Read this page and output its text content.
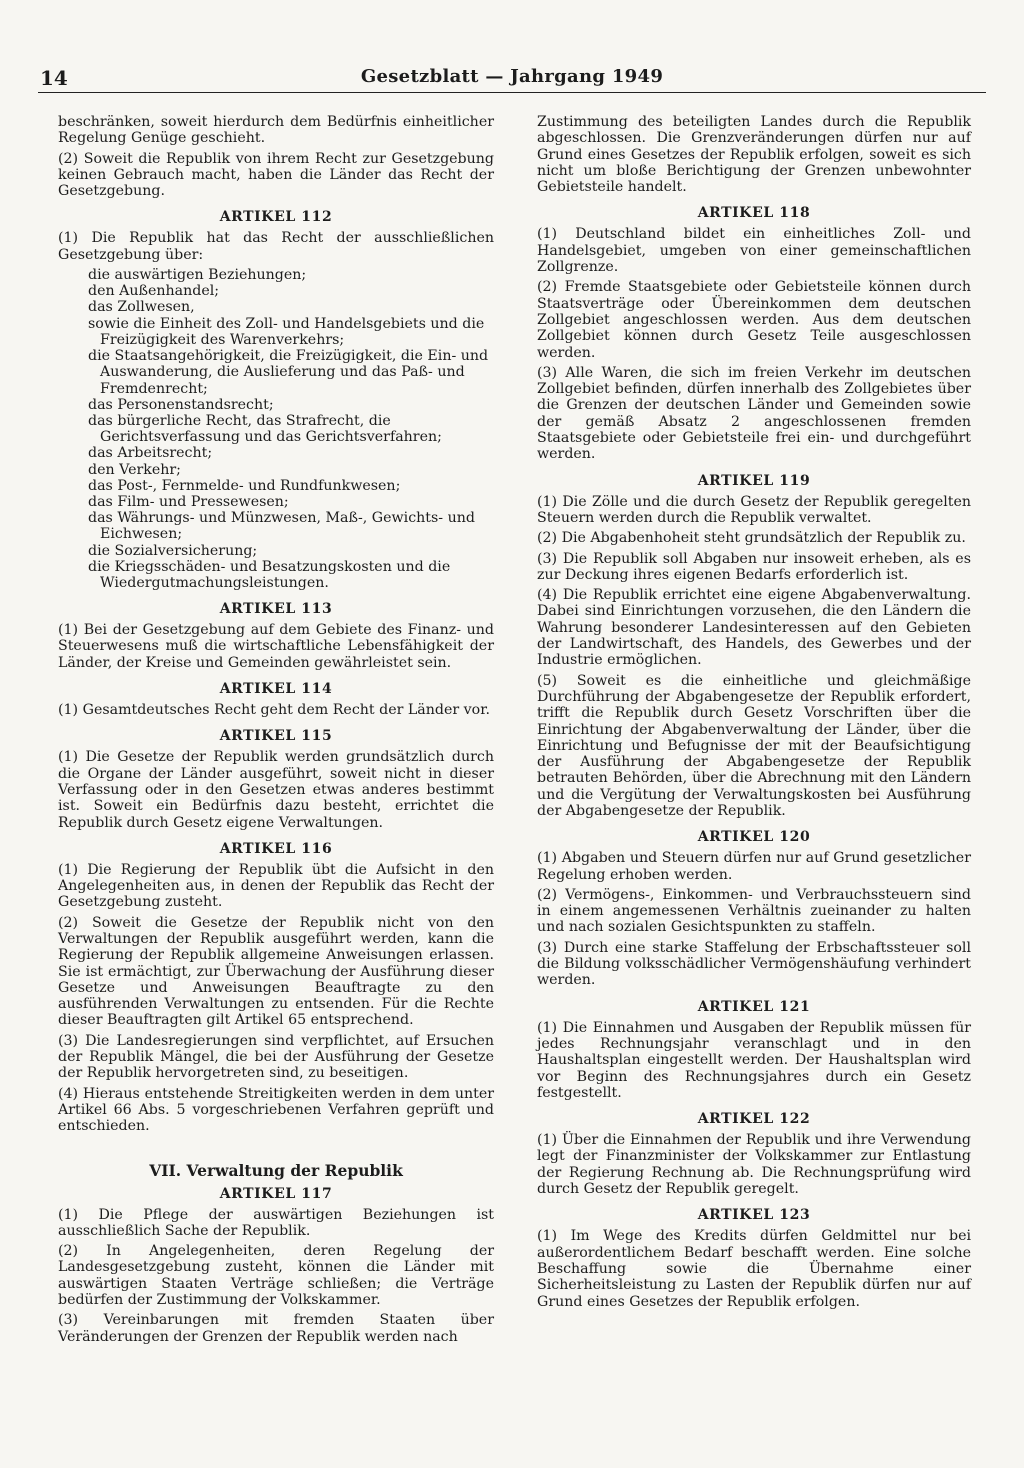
14	Gesetzblatt — Jahrgang 1949

beschränken, soweit hierdurch dem Bedürfnis einheitlicher Regelung Genüge geschieht.

(2) Soweit die Republik von ihrem Recht zur Gesetzgebung keinen Gebrauch macht, haben die Länder das Recht der Gesetzgebung.

ARTIKEL 112

(1) Die Republik hat das Recht der ausschließlichen Gesetzgebung über:

die auswärtigen Beziehungen;
den Außenhandel;
das Zollwesen,
sowie die Einheit des Zoll- und Handelsgebiets und die Freizügigkeit des Warenverkehrs;
die Staatsangehörigkeit, die Freizügigkeit, die Ein- und Auswanderung, die Auslieferung und das Paß- und Fremdenrecht;
das Personenstandsrecht;
das bürgerliche Recht, das Strafrecht, die Gerichtsverfassung und das Gerichtsverfahren;
das Arbeitsrecht;
den Verkehr;
das Post-, Fernmelde- und Rundfunkwesen;
das Film- und Pressewesen;
das Währungs- und Münzwesen, Maß-, Gewichts- und Eichwesen;
die Sozialversicherung;
die Kriegsschäden- und Besatzungskosten und die Wiedergutmachungsleistungen.
ARTIKEL 113

(1) Bei der Gesetzgebung auf dem Gebiete des Finanz- und Steuerwesens muß die wirtschaftliche Lebensfähigkeit der Länder, der Kreise und Gemeinden gewährleistet sein.

ARTIKEL 114

(1) Gesamtdeutsches Recht geht dem Recht der Länder vor.

ARTIKEL 115

(1) Die Gesetze der Republik werden grundsätzlich durch die Organe der Länder ausgeführt, soweit nicht in dieser Verfassung oder in den Gesetzen etwas anderes bestimmt ist. Soweit ein Bedürfnis dazu besteht, errichtet die Republik durch Gesetz eigene Verwaltungen.

ARTIKEL 116

(1) Die Regierung der Republik übt die Aufsicht in den Angelegenheiten aus, in denen der Republik das Recht der Gesetzgebung zusteht.

(2) Soweit die Gesetze der Republik nicht von den Verwaltungen der Republik ausgeführt werden, kann die Regierung der Republik allgemeine Anweisungen erlassen. Sie ist ermächtigt, zur Überwachung der Ausführung dieser Gesetze und Anweisungen Beauftragte zu den ausführenden Verwaltungen zu entsenden. Für die Rechte dieser Beauftragten gilt Artikel 65 entsprechend.

(3) Die Landesregierungen sind verpflichtet, auf Ersuchen der Republik Mängel, die bei der Ausführung der Gesetze der Republik hervorgetreten sind, zu beseitigen.

(4) Hieraus entstehende Streitigkeiten werden in dem unter Artikel 66 Abs. 5 vorgeschriebenen Verfahren geprüft und entschieden.

VII. Verwaltung der Republik
ARTIKEL 117

(1) Die Pflege der auswärtigen Beziehungen ist ausschließlich Sache der Republik.

(2) In Angelegenheiten, deren Regelung der Landesgesetzgebung zusteht, können die Länder mit auswärtigen Staaten Verträge schließen; die Verträge bedürfen der Zustimmung der Volkskammer.

(3) Vereinbarungen mit fremden Staaten über Veränderungen der Grenzen der Republik werden nach

Zustimmung des beteiligten Landes durch die Republik abgeschlossen. Die Grenzveränderungen dürfen nur auf Grund eines Gesetzes der Republik erfolgen, soweit es sich nicht um bloße Berichtigung der Grenzen unbewohnter Gebietsteile handelt.

ARTIKEL 118

(1) Deutschland bildet ein einheitliches Zoll- und Handelsgebiet, umgeben von einer gemeinschaftlichen Zollgrenze.

(2) Fremde Staatsgebiete oder Gebietsteile können durch Staatsverträge oder Übereinkommen dem deutschen Zollgebiet angeschlossen werden. Aus dem deutschen Zollgebiet können durch Gesetz Teile ausgeschlossen werden.

(3) Alle Waren, die sich im freien Verkehr im deutschen Zollgebiet befinden, dürfen innerhalb des Zollgebietes über die Grenzen der deutschen Länder und Gemeinden sowie der gemäß Absatz 2 angeschlossenen fremden Staatsgebiete oder Gebietsteile frei ein- und durchgeführt werden.

ARTIKEL 119

(1) Die Zölle und die durch Gesetz der Republik geregelten Steuern werden durch die Republik verwaltet.

(2) Die Abgabenhoheit steht grundsätzlich der Republik zu.

(3) Die Republik soll Abgaben nur insoweit erheben, als es zur Deckung ihres eigenen Bedarfs erforderlich ist.

(4) Die Republik errichtet eine eigene Abgabenverwaltung. Dabei sind Einrichtungen vorzusehen, die den Ländern die Wahrung besonderer Landesinteressen auf den Gebieten der Landwirtschaft, des Handels, des Gewerbes und der Industrie ermöglichen.

(5) Soweit es die einheitliche und gleichmäßige Durchführung der Abgabengesetze der Republik erfordert, trifft die Republik durch Gesetz Vorschriften über die Einrichtung der Abgabenverwaltung der Länder, über die Einrichtung und Befugnisse der mit der Beaufsichtigung der Ausführung der Abgabengesetze der Republik betrauten Behörden, über die Abrechnung mit den Ländern und die Vergütung der Verwaltungskosten bei Ausführung der Abgabengesetze der Republik.

ARTIKEL 120

(1) Abgaben und Steuern dürfen nur auf Grund gesetzlicher Regelung erhoben werden.

(2) Vermögens-, Einkommen- und Verbrauchssteuern sind in einem angemessenen Verhältnis zueinander zu halten und nach sozialen Gesichtspunkten zu staffeln.

(3) Durch eine starke Staffelung der Erbschaftssteuer soll die Bildung volksschädlicher Vermögenshäufung verhindert werden.

ARTIKEL 121

(1) Die Einnahmen und Ausgaben der Republik müssen für jedes Rechnungsjahr veranschlagt und in den Haushaltsplan eingestellt werden. Der Haushaltsplan wird vor Beginn des Rechnungsjahres durch ein Gesetz festgestellt.

ARTIKEL 122

(1) Über die Einnahmen der Republik und ihre Verwendung legt der Finanzminister der Volkskammer zur Entlastung der Regierung Rechnung ab. Die Rechnungsprüfung wird durch Gesetz der Republik geregelt.

ARTIKEL 123

(1) Im Wege des Kredits dürfen Geldmittel nur bei außerordentlichem Bedarf beschafft werden. Eine solche Beschaffung sowie die Übernahme einer Sicherheitsleistung zu Lasten der Republik dürfen nur auf Grund eines Gesetzes der Republik erfolgen.
